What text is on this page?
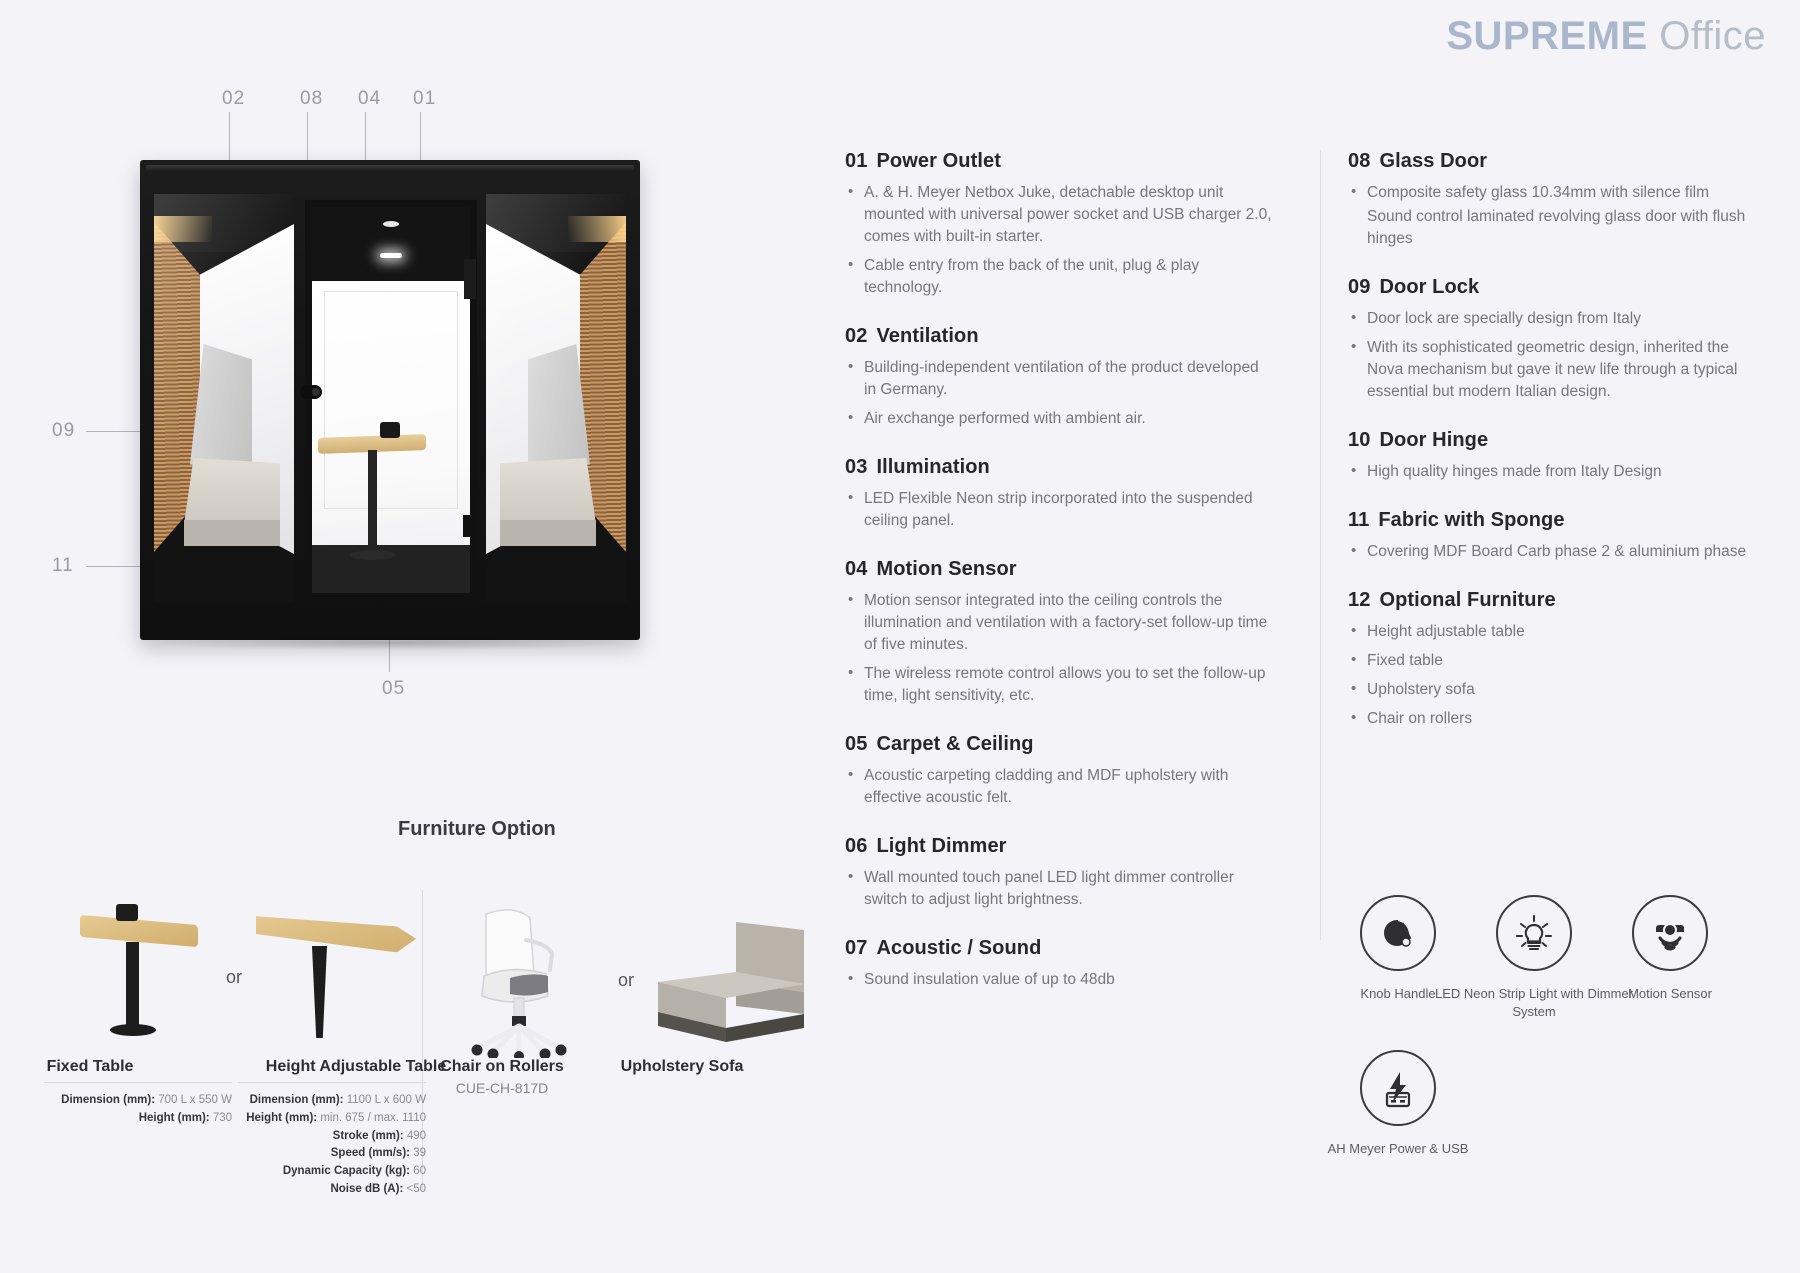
SUPREME Office
02	08 04 01
09
11
05
Furniture Option
or
Fixed Table	Height Adjustable Table
Dimension (mm): 700 L x 550 W
Height (mm): 730
Dimension (mm): 1100 L x 600 W
Height (mm): min. 675 / max. 1110
Stroke (mm): 490
Speed (mm/s): 39
Dynamic Capacity (kg): 60
Noise dB (A): <50
or
Chair on Rollers
CUE-CH-817D
Upholstery Sofa
01 Power Outlet
• A. & H. Meyer Netbox Juke, detachable desktop unit mounted with universal power socket and USB charger 2.0, comes with built-in starter.
• Cable entry from the back of the unit, plug & play technology.
02 Ventilation
• Building-independent ventilation of the product developed in Germany.
• Air exchange performed with ambient air.
03 Illumination
• LED Flexible Neon strip incorporated into the suspended ceiling panel.
04 Motion Sensor
• Motion sensor integrated into the ceiling controls the illumination and ventilation with a factory-set follow-up time of five minutes.
• The wireless remote control allows you to set the follow-up time, light sensitivity, etc.
05 Carpet & Ceiling
• Acoustic carpeting cladding and MDF upholstery with effective acoustic felt.
06 Light Dimmer
• Wall mounted touch panel LED light dimmer controller switch to adjust light brightness.
07 Acoustic / Sound
• Sound insulation value of up to 48db
08 Glass Door
• Composite safety glass 10.34mm with silence film

Sound control laminated revolving glass door with flush hinges

09 Door Lock
• Door lock are specially design from Italy
• With its sophisticated geometric design, inherited the Nova mechanism but gave it new life through a typical essential but modern Italian design.
10 Door Hinge
• High quality hinges made from Italy Design
11 Fabric with Sponge
• Covering MDF Board Carb phase 2 & aluminium phase
12 Optional Furniture
• Height adjustable table
• Fixed table
• Upholstery sofa
• Chair on rollers
Knob Handle LED Neon Strip Light with Dimmer System
Motion Sensor
AH Meyer Power & USB
